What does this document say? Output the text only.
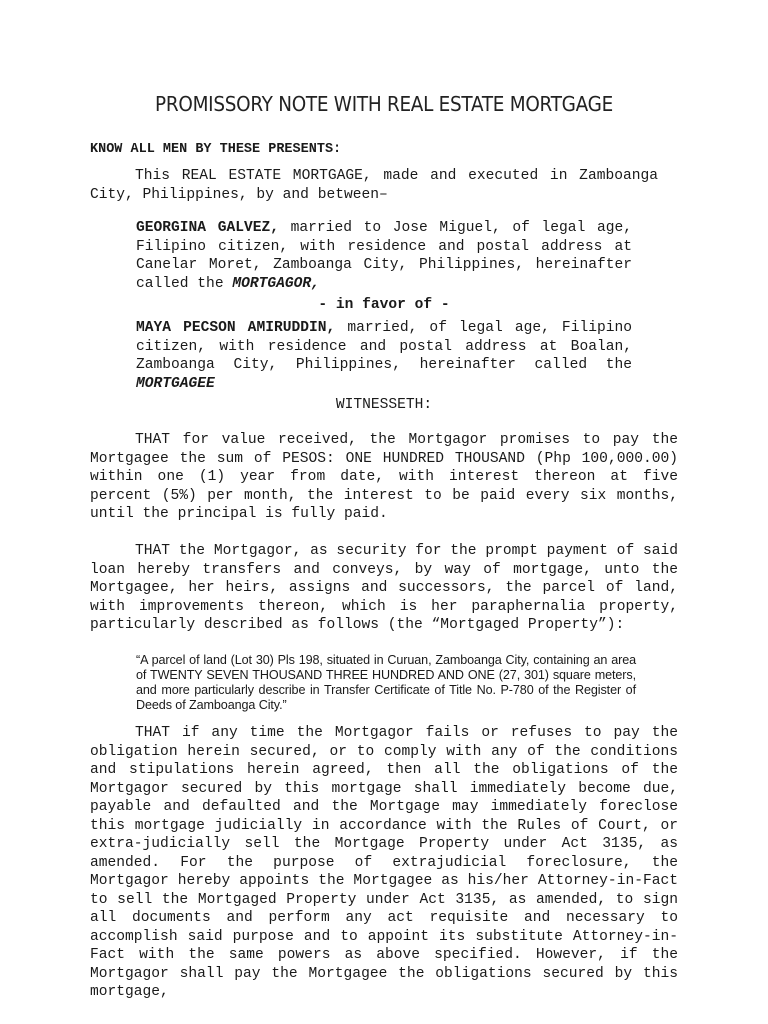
PROMISSORY NOTE WITH REAL ESTATE MORTGAGE
KNOW ALL MEN BY THESE PRESENTS:
This REAL ESTATE MORTGAGE, made and executed in Zamboanga City, Philippines, by and between–
GEORGINA GALVEZ, married to Jose Miguel, of legal age, Filipino citizen, with residence and postal address at Canelar Moret, Zamboanga City, Philippines, hereinafter called the MORTGAGOR,
- in favor of -
MAYA PECSON AMIRUDDIN, married, of legal age, Filipino citizen, with residence and postal address at Boalan, Zamboanga City, Philippines, hereinafter called the MORTGAGEE
WITNESSETH:
THAT for value received, the Mortgagor promises to pay the Mortgagee the sum of PESOS: ONE HUNDRED THOUSAND (Php 100,000.00) within one (1) year from date, with interest thereon at five percent (5%) per month, the interest to be paid every six months, until the principal is fully paid.
THAT the Mortgagor, as security for the prompt payment of said loan hereby transfers and conveys, by way of mortgage, unto the Mortgagee, her heirs, assigns and successors, the parcel of land, with improvements thereon, which is her paraphernalia property, particularly described as follows (the “Mortgaged Property”):
“A parcel of land (Lot 30) Pls 198, situated in Curuan, Zamboanga City, containing an area of TWENTY SEVEN THOUSAND THREE HUNDRED AND ONE (27, 301) square meters, and more particularly describe in Transfer Certificate of Title No. P-780 of the Register of Deeds of Zamboanga City.”
THAT if any time the Mortgagor fails or refuses to pay the obligation herein secured, or to comply with any of the conditions and stipulations herein agreed, then all the obligations of the Mortgagor secured by this mortgage shall immediately become due, payable and defaulted and the Mortgage may immediately foreclose this mortgage judicially in accordance with the Rules of Court, or extra-judicially sell the Mortgage Property under Act 3135, as amended. For the purpose of extrajudicial foreclosure, the Mortgagor hereby appoints the Mortgagee as his/her Attorney-in-Fact to sell the Mortgaged Property under Act 3135, as amended, to sign all documents and perform any act requisite and necessary to accomplish said purpose and to appoint its substitute Attorney-in-Fact with the same powers as above specified. However, if the Mortgagor shall pay the Mortgagee the obligations secured by this mortgage,
